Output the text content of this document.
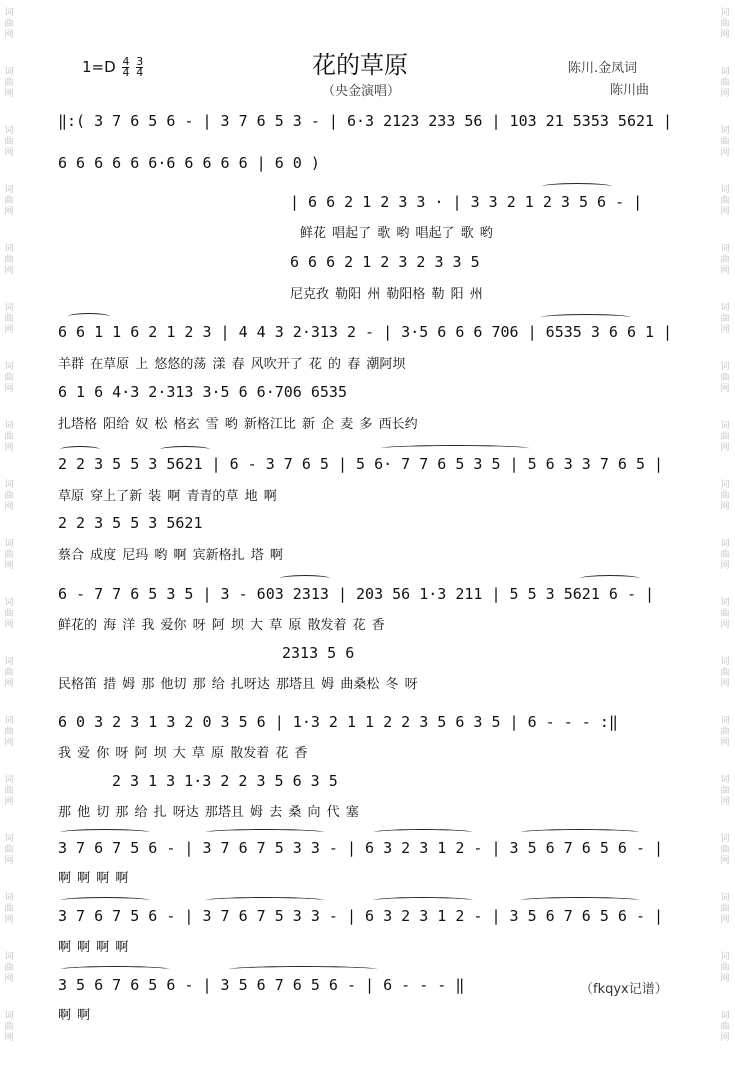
词
曲
网

词
曲
网

词
曲
网

词
曲
网

词
曲
网

词
曲
网

词
曲
网

词
曲
网

词
曲
网

词
曲
网

词
曲
网

词
曲
网

词
曲
网

词
曲
网

词
曲
网

词
曲
网

词
曲
网

词
曲
网

词
曲
网

词
曲
网

词
曲
网

词
曲
网

词
曲
网

词
曲
网

词
曲
网

词
曲
网

词
曲
网

词
曲
网

词
曲
网

词
曲
网

词
曲
网

词
曲
网

词
曲
网

词
曲
网

词
曲
网

词
曲
网

$1=D \frac{4}{4} \frac{3}{4}$	花的草原
（央金演唱）
陈川.金凤词
陈川曲
‖:( 3 7 6 5 6 - | 3 7 6 5 3 - | 6·3 2123 233 56 | 103 21 5353 5621 |
6 6 6 6 6 6·6 6 6 6 6 | 6 0 )
| 6 6 2 1 2 3 3 · | 3 3 2 1 2 3 5 6 - |
鲜花 唱起了 歌 哟 唱起了 歌 哟
6 6 6 2 1 2 3 2 3 3 5
尼克孜 勒阳 州 勒阳格 勒 阳 州
6 6 1 1 6 2 1 2 3 | 4 4 3 2·313 2 - | 3·5 6 6 6 706 | 6535 3 6 6 1 |
羊群 在草原 上 悠悠的荡 漾 春 风吹开了 花 的 春 潮阿坝
6 1 6 4·3 2·313 3·5 6 6·706 6535
扎塔格 阳给 奴 松 格玄 雪 哟 新格江比 新 企 麦 多 西长约
2 2 3 5 5 3 5621 | 6 - 3 7 6 5 | 5 6· 7 7 6 5 3 5 | 5 6 3 3 7 6 5 |
草原 穿上了新 装 啊 青青的草 地 啊
2 2 3 5 5 3 5621
蔡合 成度 尼玛 哟 啊 宾新格扎 塔 啊
6 - 7 7 6 5 3 5 | 3 - 603 2313 | 203 56 1·3 211 | 5 5 3 5621 6 - |
鲜花的 海 洋 我 爱你 呀 阿 坝 大 草 原 散发着 花 香
2313 5 6
民格笛 措 姆 那 他切 那 给 扎呀达 那塔且 姆 曲桑松 冬 呀
6 0 3 2 3 1 3 2 0 3 5 6 | 1·3 2 1 1 2 2 3 5 6 3 5 | 6 - - - :‖
我 爱 你 呀 阿 坝 大 草 原 散发着 花 香
2 3 1 3 1·3 2 2 3 5 6 3 5
那 他 切 那 给 扎 呀达 那塔且 姆 去 桑 向 代 塞
3 7 6 7 5 6 - | 3 7 6 7 5 3 3 - | 6 3 2 3 1 2 - | 3 5 6 7 6 5 6 - |
啊 啊 啊 啊
3 7 6 7 5 6 - | 3 7 6 7 5 3 3 - | 6 3 2 3 1 2 - | 3 5 6 7 6 5 6 - |
啊 啊 啊 啊
3 5 6 7 6 5 6 - | 3 5 6 7 6 5 6 - | 6 - - - ‖
啊 啊
（fkqyx记谱）
